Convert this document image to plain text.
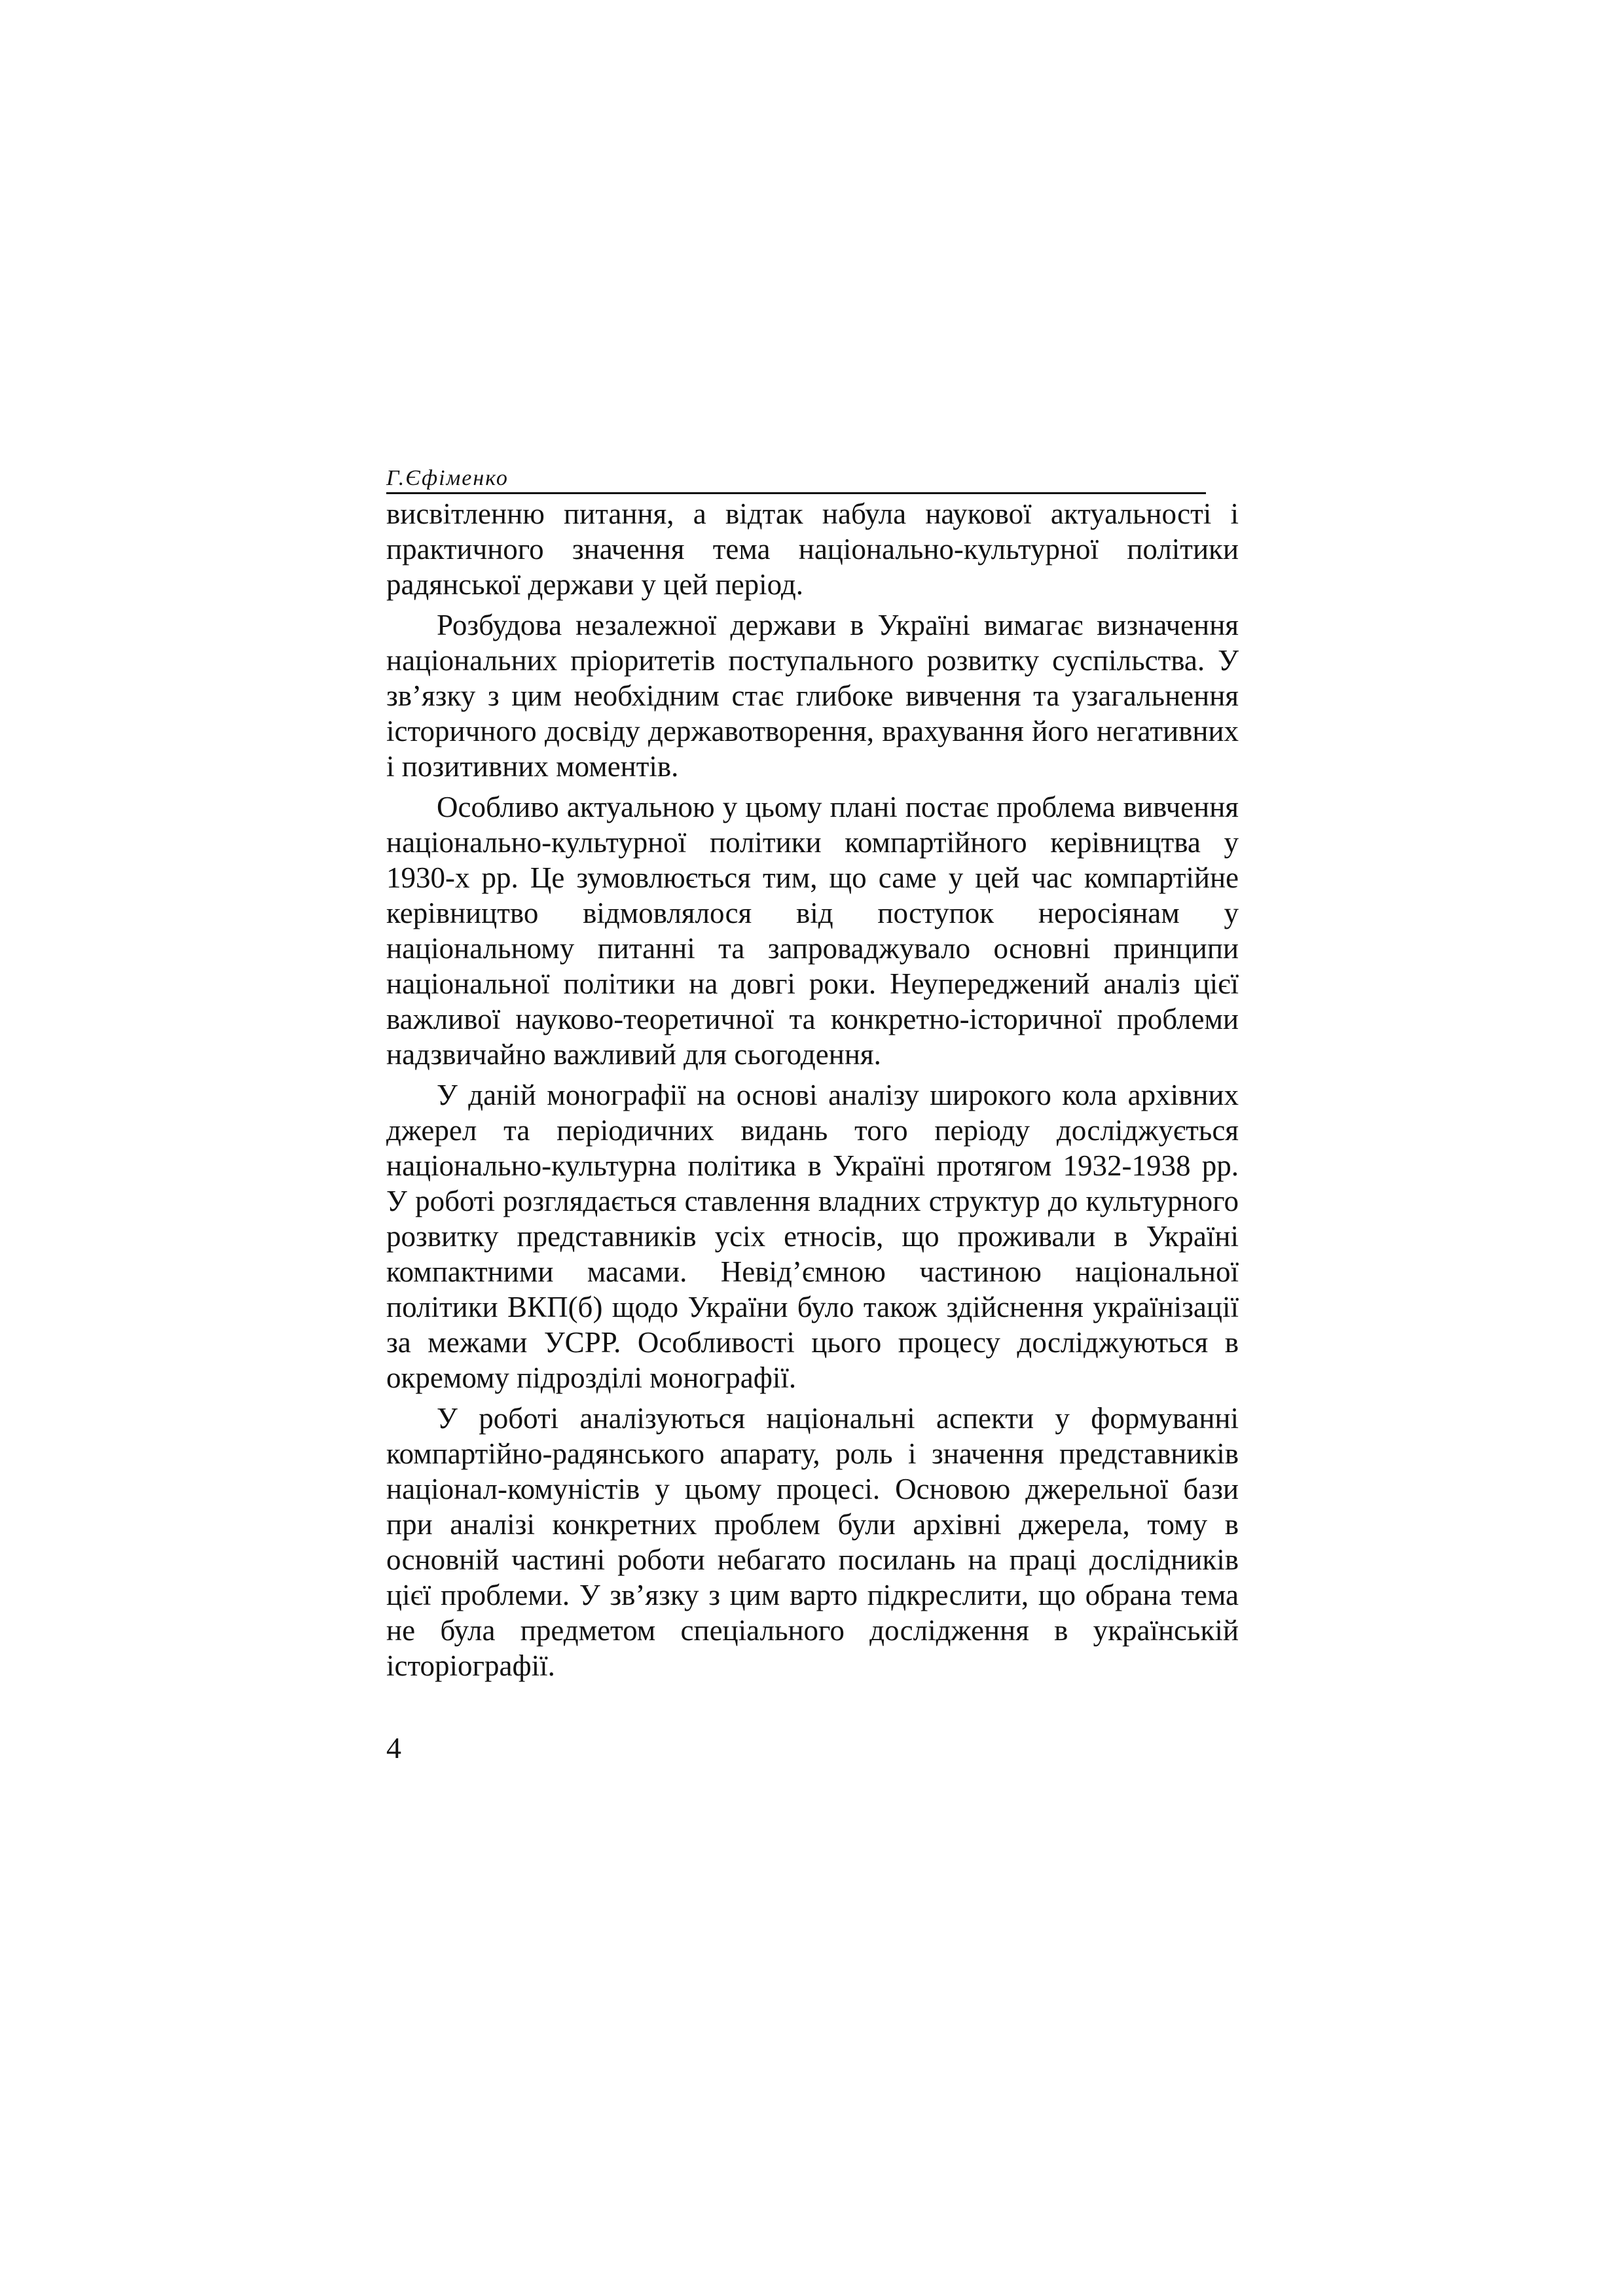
Г.Єфіменко

висвітленню питання, а відтак набула наукової актуальності і практичного значення тема національно-культурної політики радянської держави у цей період.

Розбудова незалежної держави в Україні вимагає визначення національних пріоритетів поступального розвитку суспільства. У зв’язку з цим необхідним стає глибоке вивчення та узагальнення історичного досвіду державотворення, врахування його негативних і позитивних моментів.

Особливо актуальною у цьому плані постає проблема вивчення національно-культурної політики компартійного керівництва у 1930-х рр. Це зумовлюється тим, що саме у цей час компартійне керівництво відмовлялося від поступок неросіянам у національному питанні та запроваджувало основні принципи національної політики на довгі роки. Неупереджений аналіз цієї важливої науково-теоретичної та конкретно-історичної проблеми надзвичайно важливий для сьогодення.

У даній монографії на основі аналізу широкого кола архівних джерел та періодичних видань того періоду досліджується національно-культурна політика в Україні протягом 1932-1938 рр. У роботі розглядається ставлення владних структур до культурного розвитку представників усіх етносів, що проживали в Україні компактними масами. Невід’ємною частиною національної політики ВКП(б) щодо України було також здійснення українізації за межами УСРР. Особливості цього процесу досліджуються в окремому підрозділі монографії.

У роботі аналізуються національні аспекти у формуванні компартійно-радянського апарату, роль і значення представників націонал-комуністів у цьому процесі. Основою джерельної бази при аналізі конкретних проблем були архівні джерела, тому в основній частині роботи небагато посилань на праці дослідників цієї проблеми. У зв’язку з цим варто підкреслити, що обрана тема не була предметом спеціального дослідження в українській історіографії.

4
